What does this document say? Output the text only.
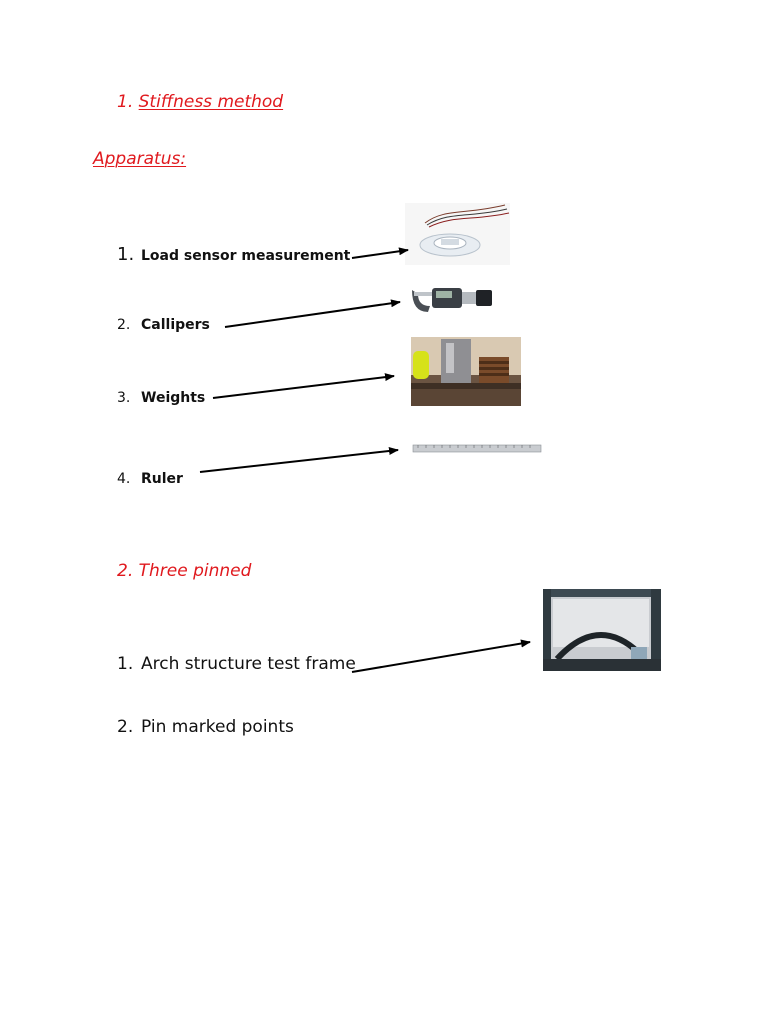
1. Stiffness method
Apparatus:
1. Load sensor measurement
2. Callipers
3. Weights
4. Ruler
2. Three pinned
1. Arch structure test frame
2. Pin marked points
